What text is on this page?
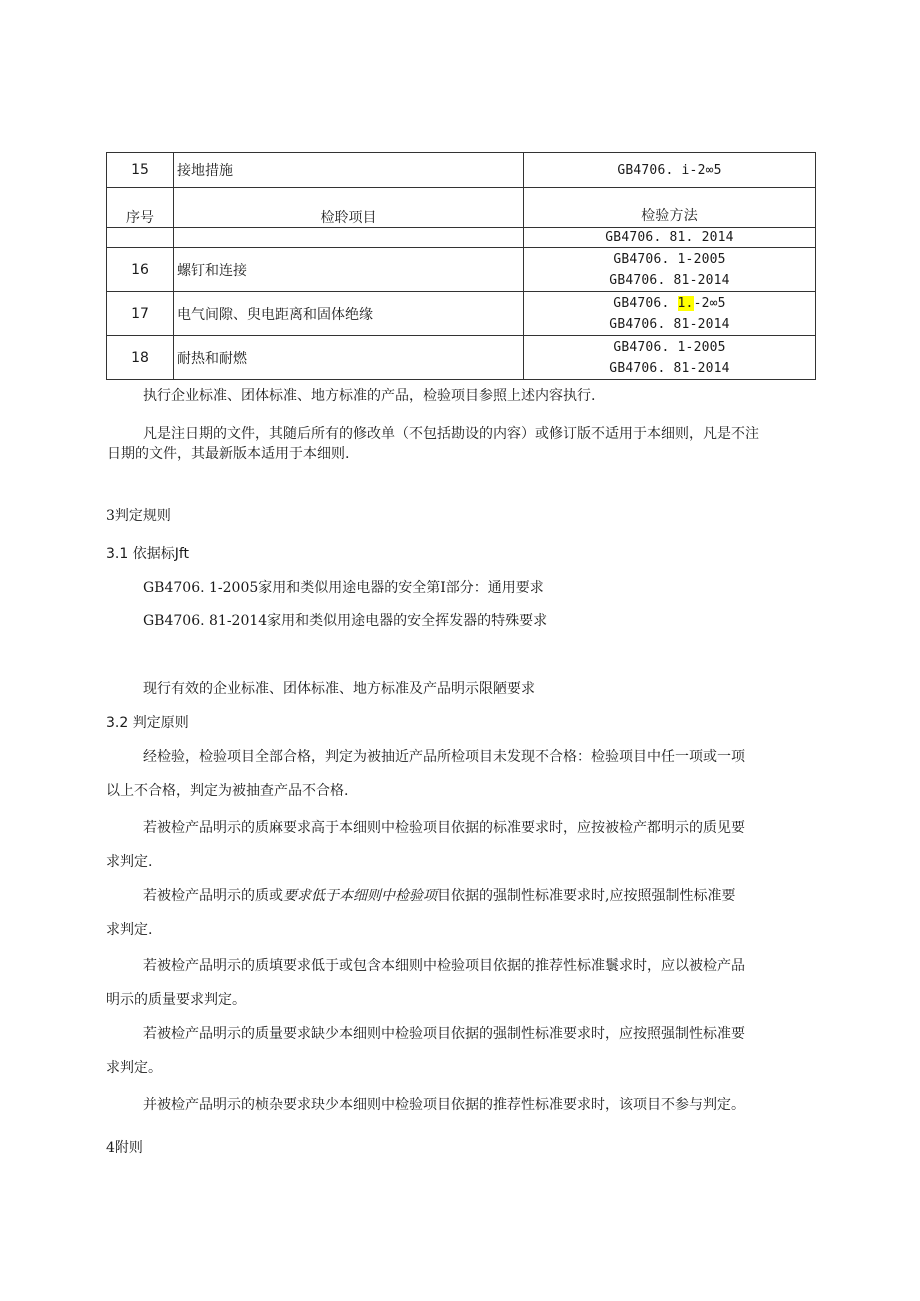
15	接地措施	GB4706. i-2∞5

序号	检聆项目	检验方法

		GB4706. 81. 2014

16	螺钉和连接	GB4706. 1-2005
GB4706. 81-2014

17	电气间隙、臾电距离和固体绝缘	GB4706. 1.-2∞5
GB4706. 81-2014

18	耐热和耐燃	GB4706. 1-2005
GB4706. 81-2014
执行企业标准、团体标准、地方标准的产品，检验项目参照上述内容执行.
凡是注日期的文件，其随后所有的修改单（不包括勘设的内容）或修订版不适用于本细则，凡是不注
日期的文件，其最新版本适用于本细则.
3判定规则
3.1 依据标Jft
GB4706. 1-2005家用和类似用途电器的安全第Ⅰ部分：通用要求
GB4706. 81-2014家用和类似用途电器的安全挥发器的特殊要求
现行有效的企业标准、团体标准、地方标准及产品明示限陋要求
3.2 判定原则
经检验，检验项目全部合格，判定为被抽近产品所检项目未发现不合格：检验项目中任一项或一项
以上不合格，判定为被抽查产品不合格.
若被检产品明示的质麻要求高于本细则中检验项目依据的标准要求时，应按被检产都明示的质见要
求判定.
若被检产品明示的质或要求低于本细则中检验项目依据的强制性标准要求时,应按照强制性标准要
求判定.
若被检产品明示的质填要求低于或包含本细则中检验项目依据的推荐性标准鬟求时，应以被检产品
明示的质量要求判定。
若被检产品明示的质量要求缺少本细则中检验项目依据的强制性标准要求时，应按照强制性标准要
求判定。
并被检产品明示的桢杂要求玦少本细则中检验项目依据的推荐性标准要求时，该项目不参与判定。
4附则
